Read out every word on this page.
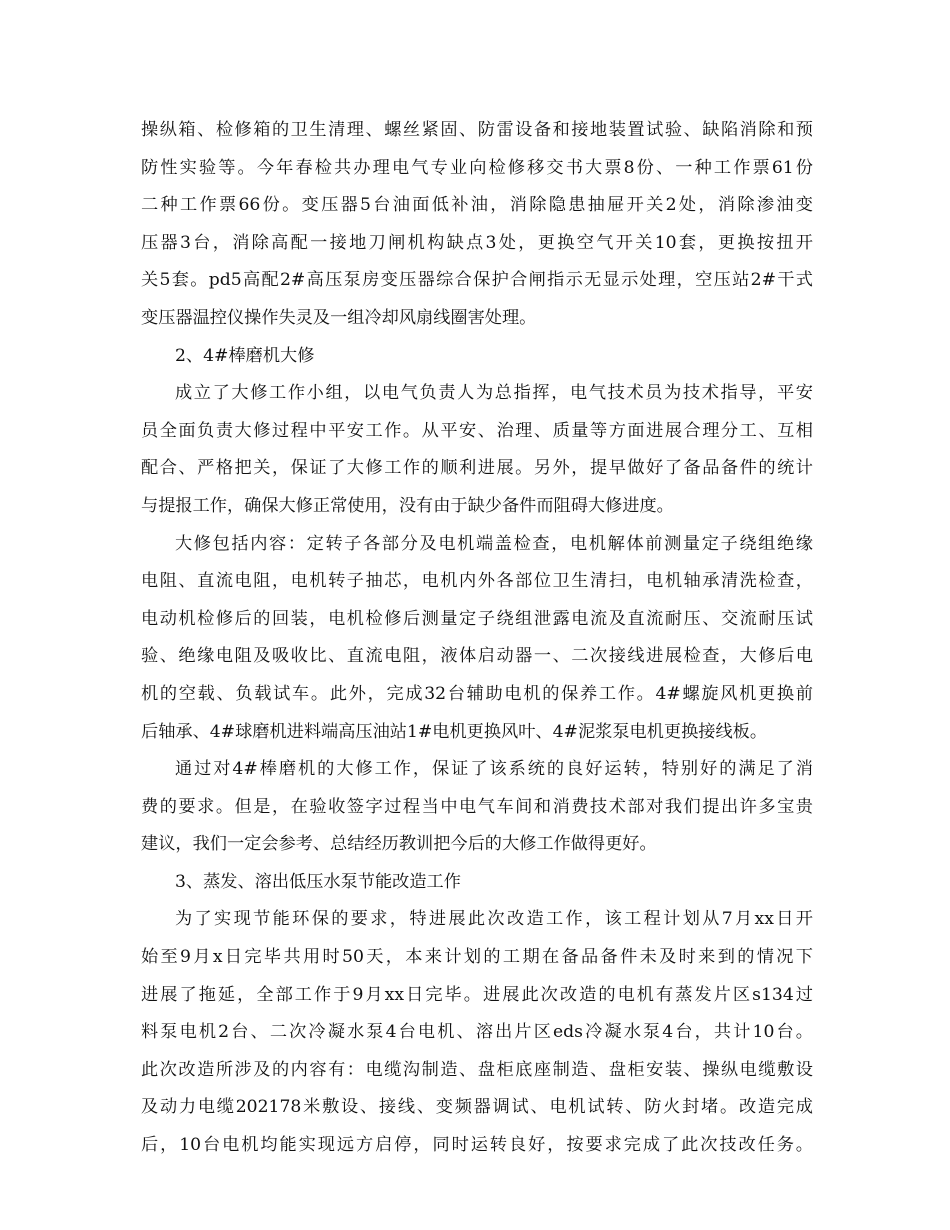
操纵箱、检修箱的卫生清理、螺丝紧固、防雷设备和接地装置试验、缺陷消除和预
防性实验等。今年春检共办理电气专业向检修移交书大票8份、一种工作票61份
二种工作票66份。变压器5台油面低补油，消除隐患抽屉开关2处，消除渗油变
压器3台，消除高配一接地刀闸机构缺点3处，更换空气开关10套，更换按扭开
关5套。pd5高配2#高压泵房变压器综合保护合闸指示无显示处理，空压站2#干式
变压器温控仪操作失灵及一组冷却风扇线圈害处理。
2、4#棒磨机大修
成立了大修工作小组，以电气负责人为总指挥，电气技术员为技术指导，平安
员全面负责大修过程中平安工作。从平安、治理、质量等方面进展合理分工、互相
配合、严格把关，保证了大修工作的顺利进展。另外，提早做好了备品备件的统计
与提报工作，确保大修正常使用，没有由于缺少备件而阻碍大修进度。
大修包括内容：定转子各部分及电机端盖检查，电机解体前测量定子绕组绝缘
电阻、直流电阻，电机转子抽芯，电机内外各部位卫生清扫，电机轴承清洗检查，
电动机检修后的回装，电机检修后测量定子绕组泄露电流及直流耐压、交流耐压试
验、绝缘电阻及吸收比、直流电阻，液体启动器一、二次接线进展检查，大修后电
机的空载、负载试车。此外，完成32台辅助电机的保养工作。4#螺旋风机更换前
后轴承、4#球磨机进料端高压油站1#电机更换风叶、4#泥浆泵电机更换接线板。
通过对4#棒磨机的大修工作，保证了该系统的良好运转，特别好的满足了消
费的要求。但是，在验收签字过程当中电气车间和消费技术部对我们提出许多宝贵
建议，我们一定会参考、总结经历教训把今后的大修工作做得更好。
3、蒸发、溶出低压水泵节能改造工作
为了实现节能环保的要求，特进展此次改造工作，该工程计划从7月xx日开
始至9月x日完毕共用时50天，本来计划的工期在备品备件未及时来到的情况下
进展了拖延，全部工作于9月xx日完毕。进展此次改造的电机有蒸发片区s134过
料泵电机2台、二次冷凝水泵4台电机、溶出片区eds冷凝水泵4台，共计10台。
此次改造所涉及的内容有：电缆沟制造、盘柜底座制造、盘柜安装、操纵电缆敷设
及动力电缆202178米敷设、接线、变频器调试、电机试转、防火封堵。改造完成
后，10台电机均能实现远方启停，同时运转良好，按要求完成了此次技改任务。
